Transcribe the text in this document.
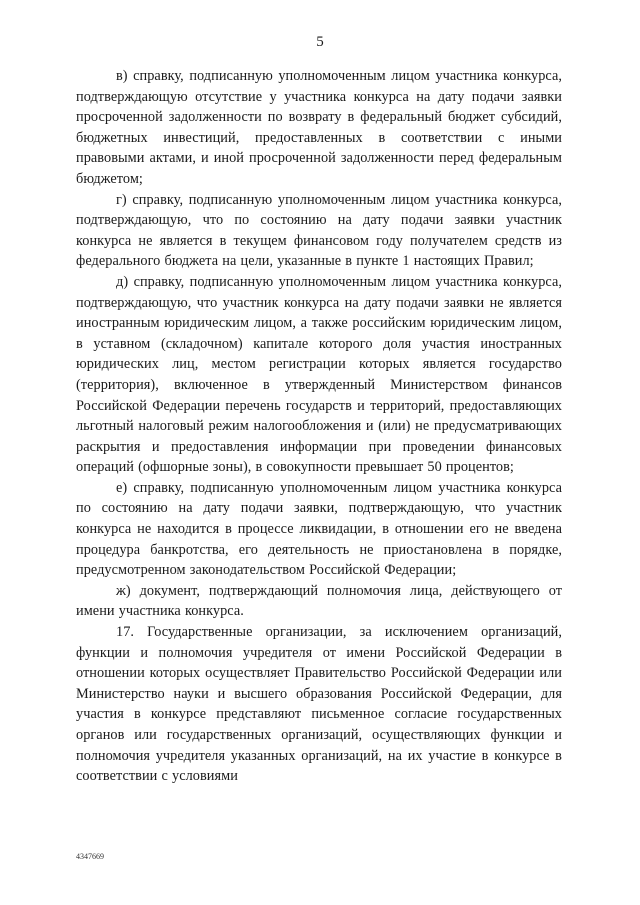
5

в) справку, подписанную уполномоченным лицом участника конкурса, подтверждающую отсутствие у участника конкурса на дату подачи заявки просроченной задолженности по возврату в федеральный бюджет субсидий, бюджетных инвестиций, предоставленных в соответствии с иными правовыми актами, и иной просроченной задолженности перед федеральным бюджетом;

г) справку, подписанную уполномоченным лицом участника конкурса, подтверждающую, что по состоянию на дату подачи заявки участник конкурса не является в текущем финансовом году получателем средств из федерального бюджета на цели, указанные в пункте 1 настоящих Правил;

д) справку, подписанную уполномоченным лицом участника конкурса, подтверждающую, что участник конкурса на дату подачи заявки не является иностранным юридическим лицом, а также российским юридическим лицом, в уставном (складочном) капитале которого доля участия иностранных юридических лиц, местом регистрации которых является государство (территория), включенное в утвержденный Министерством финансов Российской Федерации перечень государств и территорий, предоставляющих льготный налоговый режим налогообложения и (или) не предусматривающих раскрытия и предоставления информации при проведении финансовых операций (офшорные зоны), в совокупности превышает 50 процентов;

е) справку, подписанную уполномоченным лицом участника конкурса по состоянию на дату подачи заявки, подтверждающую, что участник конкурса не находится в процессе ликвидации, в отношении его не введена процедура банкротства, его деятельность не приостановлена в порядке, предусмотренном законодательством Российской Федерации;

ж) документ, подтверждающий полномочия лица, действующего от имени участника конкурса.

17. Государственные организации, за исключением организаций, функции и полномочия учредителя от имени Российской Федерации в отношении которых осуществляет Правительство Российской Федерации или Министерство науки и высшего образования Российской Федерации, для участия в конкурсе представляют письменное согласие государственных органов или государственных организаций, осуществляющих функции и полномочия учредителя указанных организаций, на их участие в конкурсе в соответствии с условиями

4347669
